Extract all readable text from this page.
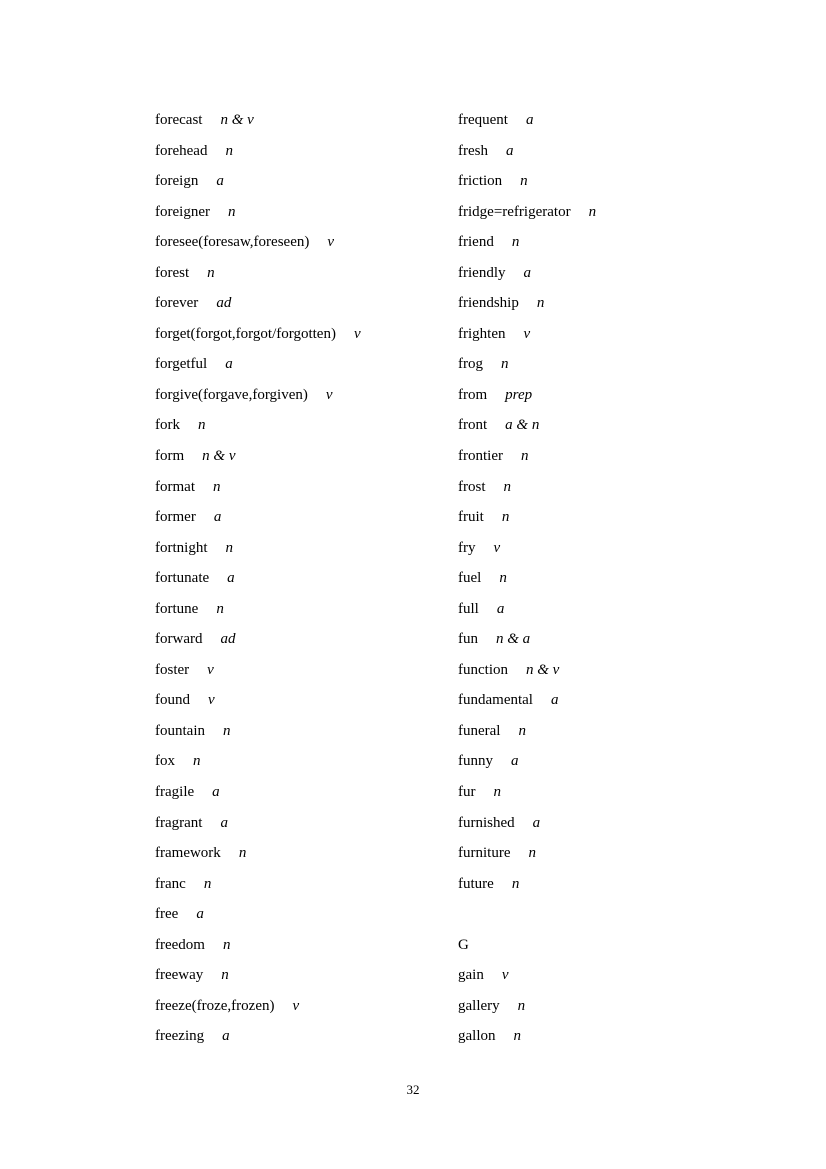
forecast n & v
forehead n
foreign a
foreigner n
foresee(foresaw,foreseen) v
forest n
forever ad
forget(forgot,forgot/forgotten) v
forgetful a
forgive(forgave,forgiven) v
fork n
form n & v
format n
former a
fortnight n
fortunate a
fortune n
forward ad
foster v
found v
fountain n
fox n
fragile a
fragrant a
framework n
franc n
free a
freedom n
freeway n
freeze(froze,frozen) v
freezing a
frequent a
fresh a
friction n
fridge=refrigerator n
friend n
friendly a
friendship n
frighten v
frog n
from prep
front a & n
frontier n
frost n
fruit n
fry v
fuel n
full a
fun n & a
function n & v
fundamental a
funeral n
funny a
fur n
furnished a
furniture n
future n
G
gain v
gallery n
gallon n
32
